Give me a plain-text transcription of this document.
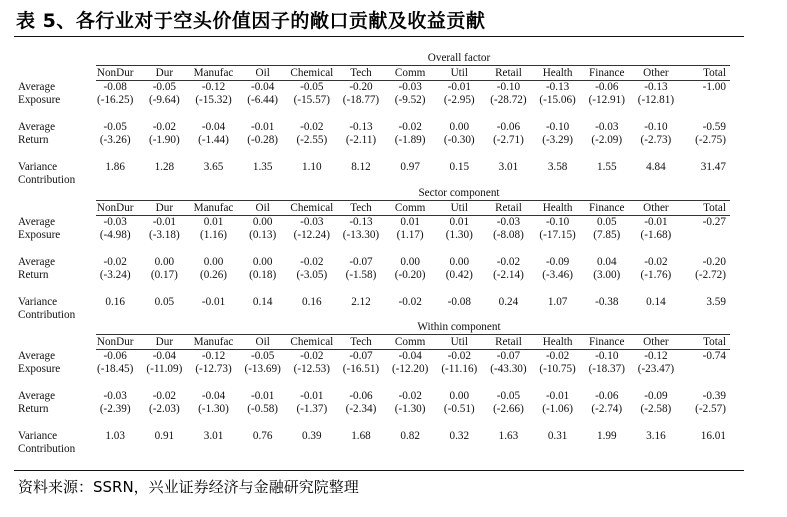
表 5、各行业对于空头价值因子的敞口贡献及收益贡献
Overall factor
NonDur	Dur	Manufac	Oil	Chemical	Tech	Comm	Util	Retail	Health	Finance	Other	Total
Average	-0.08	-0.05	-0.12	-0.04	-0.05	-0.20	-0.03	-0.01	-0.10	-0.13	-0.06	-0.13	-1.00
Exposure	(-16.25)	(-9.64)	(-15.32)	(-6.44)	(-15.57)	(-18.77)	(-9.52)	(-2.95)	(-28.72)	(-15.06)	(-12.91)	(-12.81)
Average	-0.05	-0.02	-0.04	-0.01	-0.02	-0.13	-0.02	0.00	-0.06	-0.10	-0.03	-0.10	-0.59
Return	(-3.26)	(-1.90)	(-1.44)	(-0.28)	(-2.55)	(-2.11)	(-1.89)	(-0.30)	(-2.71)	(-3.29)	(-2.09)	(-2.73)	(-2.75)
Variance	1.86	1.28	3.65	1.35	1.10	8.12	0.97	0.15	3.01	3.58	1.55	4.84	31.47
Contribution
Sector component
NonDur	Dur	Manufac	Oil	Chemical	Tech	Comm	Util	Retail	Health	Finance	Other	Total
Average	-0.03	-0.01	0.01	0.00	-0.03	-0.13	0.01	0.01	-0.03	-0.10	0.05	-0.01	-0.27
Exposure	(-4.98)	(-3.18)	(1.16)	(0.13)	(-12.24)	(-13.30)	(1.17)	(1.30)	(-8.08)	(-17.15)	(7.85)	(-1.68)
Average	-0.02	0.00	0.00	0.00	-0.02	-0.07	0.00	0.00	-0.02	-0.09	0.04	-0.02	-0.20
Return	(-3.24)	(0.17)	(0.26)	(0.18)	(-3.05)	(-1.58)	(-0.20)	(0.42)	(-2.14)	(-3.46)	(3.00)	(-1.76)	(-2.72)
Variance	0.16	0.05	-0.01	0.14	0.16	2.12	-0.02	-0.08	0.24	1.07	-0.38	0.14	3.59
Contribution
Within component
NonDur	Dur	Manufac	Oil	Chemical	Tech	Comm	Util	Retail	Health	Finance	Other	Total
Average	-0.06	-0.04	-0.12	-0.05	-0.02	-0.07	-0.04	-0.02	-0.07	-0.02	-0.10	-0.12	-0.74
Exposure	(-18.45)	(-11.09)	(-12.73)	(-13.69)	(-12.53)	(-16.51)	(-12.20)	(-11.16)	(-43.30)	(-10.75)	(-18.37)	(-23.47)
Average	-0.03	-0.02	-0.04	-0.01	-0.01	-0.06	-0.02	0.00	-0.05	-0.01	-0.06	-0.09	-0.39
Return	(-2.39)	(-2.03)	(-1.30)	(-0.58)	(-1.37)	(-2.34)	(-1.30)	(-0.51)	(-2.66)	(-1.06)	(-2.74)	(-2.58)	(-2.57)
Variance	1.03	0.91	3.01	0.76	0.39	1.68	0.82	0.32	1.63	0.31	1.99	3.16	16.01
Contribution
资料来源：SSRN，兴业证券经济与金融研究院整理
